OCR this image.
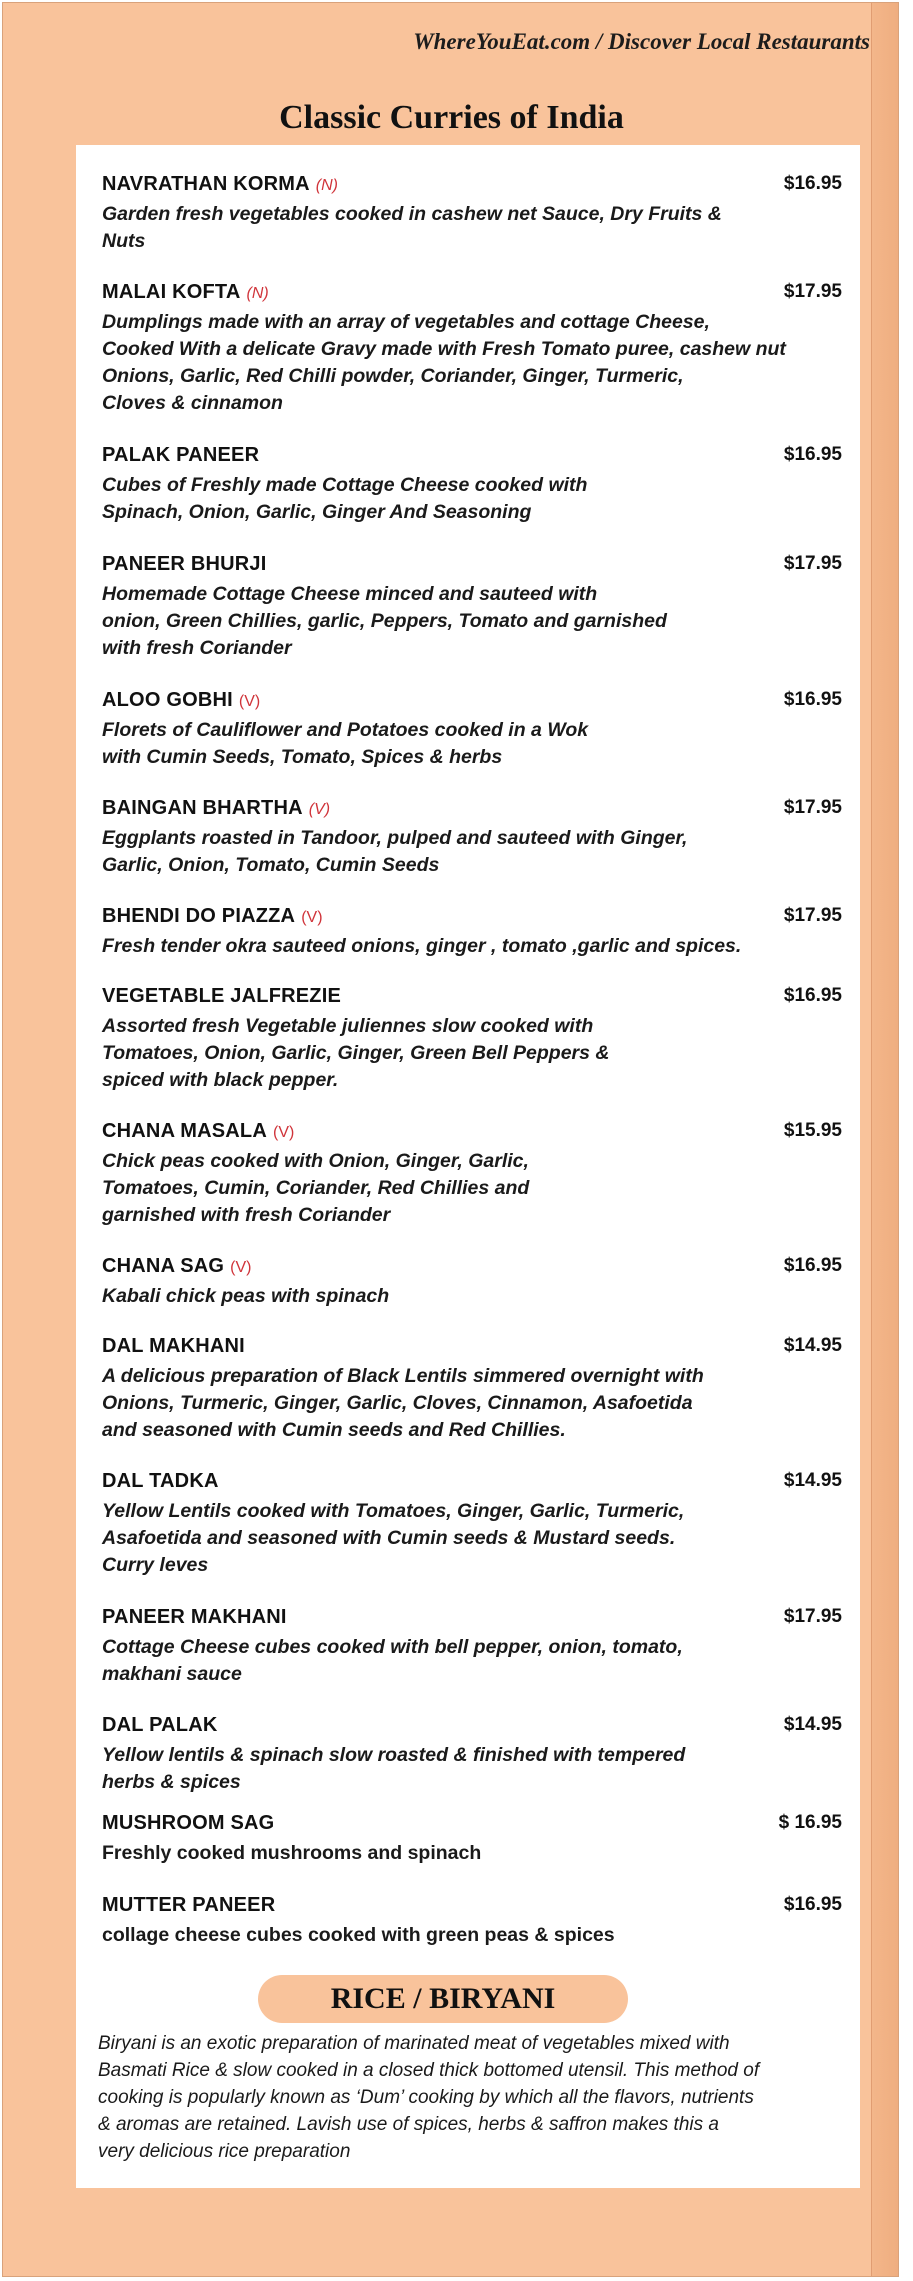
WhereYouEat.com / Discover Local Restaurants
Classic Curries of India
NAVRATHAN KORMA (N)	$16.95
Garden fresh vegetables cooked in cashew net Sauce, Dry Fruits &
Nuts
MALAI KOFTA (N)	$17.95
Dumplings made with an array of vegetables and cottage Cheese,
Cooked With a delicate Gravy made with Fresh Tomato puree, cashew nut
Onions, Garlic, Red Chilli powder, Coriander, Ginger, Turmeric,
Cloves & cinnamon
PALAK PANEER	$16.95
Cubes of Freshly made Cottage Cheese cooked with
Spinach, Onion, Garlic, Ginger And Seasoning
PANEER BHURJI	$17.95
Homemade Cottage Cheese minced and sauteed with
onion, Green Chillies, garlic, Peppers, Tomato and garnished
with fresh Coriander
ALOO GOBHI (V)	$16.95
Florets of Cauliflower and Potatoes cooked in a Wok
with Cumin Seeds, Tomato, Spices & herbs
BAINGAN BHARTHA (V)	$17.95
Eggplants roasted in Tandoor, pulped and sauteed with Ginger,
Garlic, Onion, Tomato, Cumin Seeds
BHENDI DO PIAZZA (V)	$17.95
Fresh tender okra sauteed onions, ginger , tomato ,garlic and spices.
VEGETABLE JALFREZIE	$16.95
Assorted fresh Vegetable juliennes slow cooked with
Tomatoes, Onion, Garlic, Ginger, Green Bell Peppers &
spiced with black pepper.
CHANA MASALA (V)	$15.95
Chick peas cooked with Onion, Ginger, Garlic,
Tomatoes, Cumin, Coriander, Red Chillies and
garnished with fresh Coriander
CHANA SAG (V)	$16.95
Kabali chick peas with spinach
DAL MAKHANI	$14.95
A delicious preparation of Black Lentils simmered overnight with
Onions, Turmeric, Ginger, Garlic, Cloves, Cinnamon, Asafoetida
and seasoned with Cumin seeds and Red Chillies.
DAL TADKA	$14.95
Yellow Lentils cooked with Tomatoes, Ginger, Garlic, Turmeric,
Asafoetida and seasoned with Cumin seeds & Mustard seeds.
Curry leves
PANEER MAKHANI	$17.95
Cottage Cheese cubes cooked with bell pepper, onion, tomato,
makhani sauce
DAL PALAK	$14.95
Yellow lentils & spinach slow roasted & finished with tempered
herbs & spices
MUSHROOM SAG	$ 16.95
Freshly cooked mushrooms and spinach
MUTTER PANEER	$16.95
collage cheese cubes cooked with green peas & spices
RICE / BIRYANI
Biryani is an exotic preparation of marinated meat of vegetables mixed with
Basmati Rice & slow cooked in a closed thick bottomed utensil. This method of
cooking is popularly known as ‘Dum’ cooking by which all the flavors, nutrients
& aromas are retained. Lavish use of spices, herbs & saffron makes this a
very delicious rice preparation
